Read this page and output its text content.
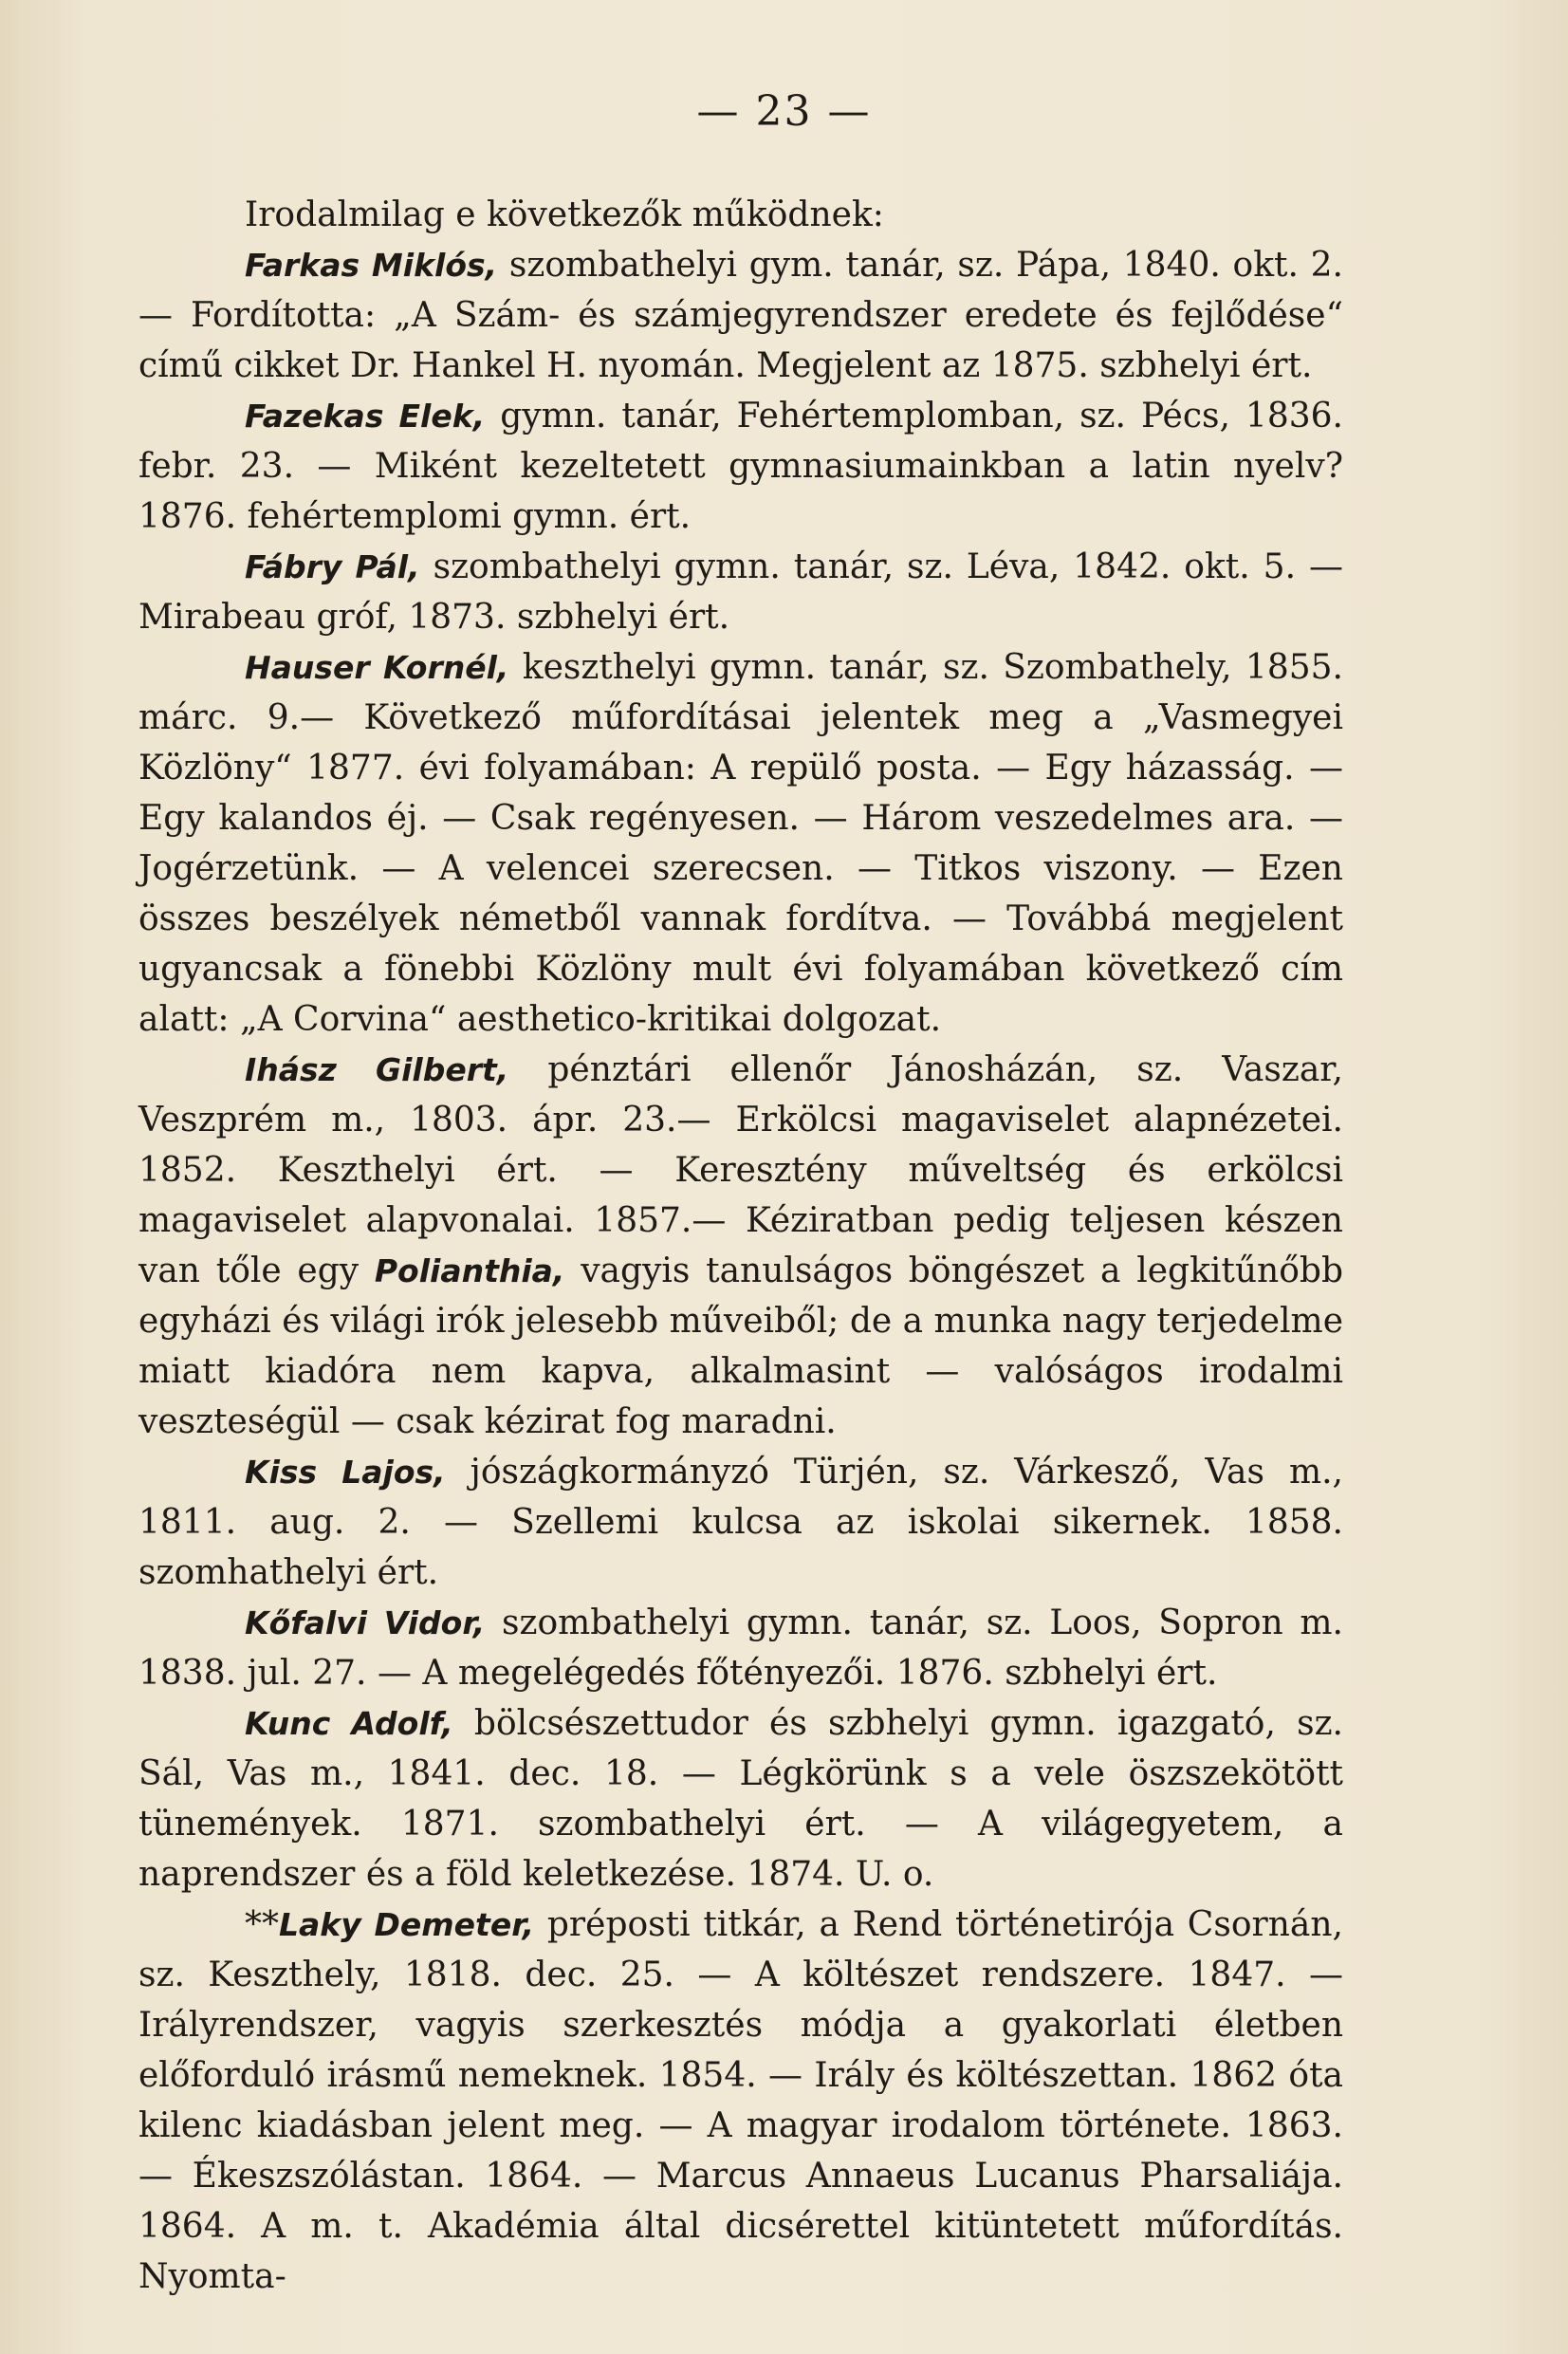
— 23 —

Irodalmilag e következők működnek:

Farkas Miklós, szombathelyi gym. tanár, sz. Pápa, 1840. okt. 2. — Fordította: „A Szám- és számjegyrendszer eredete és fejlődése“ című cikket Dr. Hankel H. nyomán. Megjelent az 1875. szbhelyi ért.

Fazekas Elek, gymn. tanár, Fehértemplomban, sz. Pécs, 1836. febr. 23. — Miként kezeltetett gymnasiumainkban a latin nyelv? 1876. fehértemplomi gymn. ért.

Fábry Pál, szombathelyi gymn. tanár, sz. Léva, 1842. okt. 5. — Mirabeau gróf, 1873. szbhelyi ért.

Hauser Kornél, keszthelyi gymn. tanár, sz. Szombathely, 1855. márc. 9.— Következő műfordításai jelentek meg a „Vasmegyei Közlöny“ 1877. évi folyamában: A repülő posta. — Egy házasság. — Egy kalandos éj. — Csak regényesen. — Három veszedelmes ara. — Jogérzetünk. — A velencei szerecsen. — Titkos viszony. — Ezen összes beszélyek németből vannak fordítva. — Továbbá megjelent ugyancsak a fönebbi Közlöny mult évi folyamában következő cím alatt: „A Corvina“ aesthetico-kritikai dolgozat.

Ihász Gilbert, pénztári ellenőr Jánosházán, sz. Vaszar, Veszprém m., 1803. ápr. 23.— Erkölcsi magaviselet alapnézetei. 1852. Keszthelyi ért. — Keresztény műveltség és erkölcsi magaviselet alapvonalai. 1857.— Kéziratban pedig teljesen készen van tőle egy Polianthia, vagyis tanulságos böngészet a legkitűnőbb egyházi és világi irók jelesebb műveiből; de a munka nagy terjedelme miatt kiadóra nem kapva, alkalmasint — valóságos irodalmi veszteségül — csak kézirat fog maradni.

Kiss Lajos, jószágkormányzó Türjén, sz. Várkesző, Vas m., 1811. aug. 2. — Szellemi kulcsa az iskolai sikernek. 1858. szomhathelyi ért.

Kőfalvi Vidor, szombathelyi gymn. tanár, sz. Loos, Sopron m. 1838. jul. 27. — A megelégedés főtényezői. 1876. szbhelyi ért.

Kunc Adolf, bölcsészettudor és szbhelyi gymn. igazgató, sz. Sál, Vas m., 1841. dec. 18. — Légkörünk s a vele öszszekötött tünemények. 1871. szombathelyi ért. — A világegyetem, a naprendszer és a föld keletkezése. 1874. U. o.

**Laky Demeter, préposti titkár, a Rend történetirója Csornán, sz. Keszthely, 1818. dec. 25. — A költészet rendszere. 1847. — Irályrendszer, vagyis szerkesztés módja a gyakorlati életben előforduló irásmű nemeknek. 1854. — Irály és költészettan. 1862 óta kilenc kiadásban jelent meg. — A magyar irodalom története. 1863. — Ékeszszólástan. 1864. — Marcus Annaeus Lucanus Pharsaliája. 1864. A m. t. Akadémia által dicsérettel kitüntetett műfordítás. Nyomta-
